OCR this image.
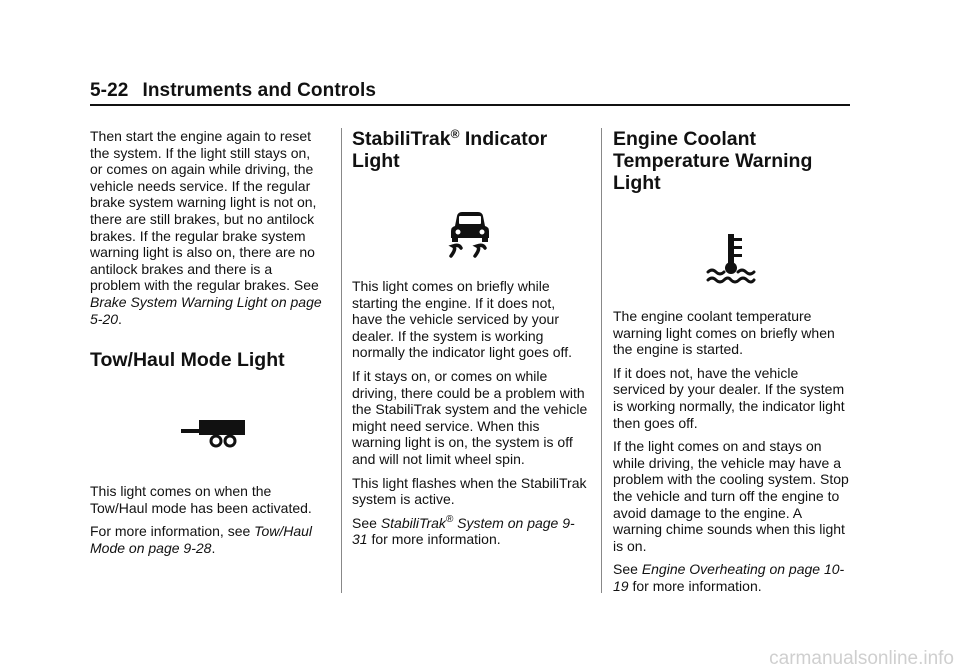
5-22 Instruments and Controls

Then start the engine again to reset the system. If the light still stays on, or comes on again while driving, the vehicle needs service. If the regular brake system warning light is not on, there are still brakes, but no antilock brakes. If the regular brake system warning light is also on, there are no antilock brakes and there is a problem with the regular brakes. See Brake System Warning Light on page 5-20.

Tow/Haul Mode Light

This light comes on when the Tow/Haul mode has been activated.

For more information, see Tow/Haul Mode on page 9-28.

StabiliTrak® Indicator Light

This light comes on briefly while starting the engine. If it does not, have the vehicle serviced by your dealer. If the system is working normally the indicator light goes off.

If it stays on, or comes on while driving, there could be a problem with the StabiliTrak system and the vehicle might need service. When this warning light is on, the system is off and will not limit wheel spin.

This light flashes when the StabiliTrak system is active.

See StabiliTrak® System on page 9-31 for more information.

Engine Coolant Temperature Warning Light

The engine coolant temperature warning light comes on briefly when the engine is started.

If it does not, have the vehicle serviced by your dealer. If the system is working normally, the indicator light then goes off.

If the light comes on and stays on while driving, the vehicle may have a problem with the cooling system. Stop the vehicle and turn off the engine to avoid damage to the engine. A warning chime sounds when this light is on.

See Engine Overheating on page 10-19 for more information.

carmanualsonline.info
